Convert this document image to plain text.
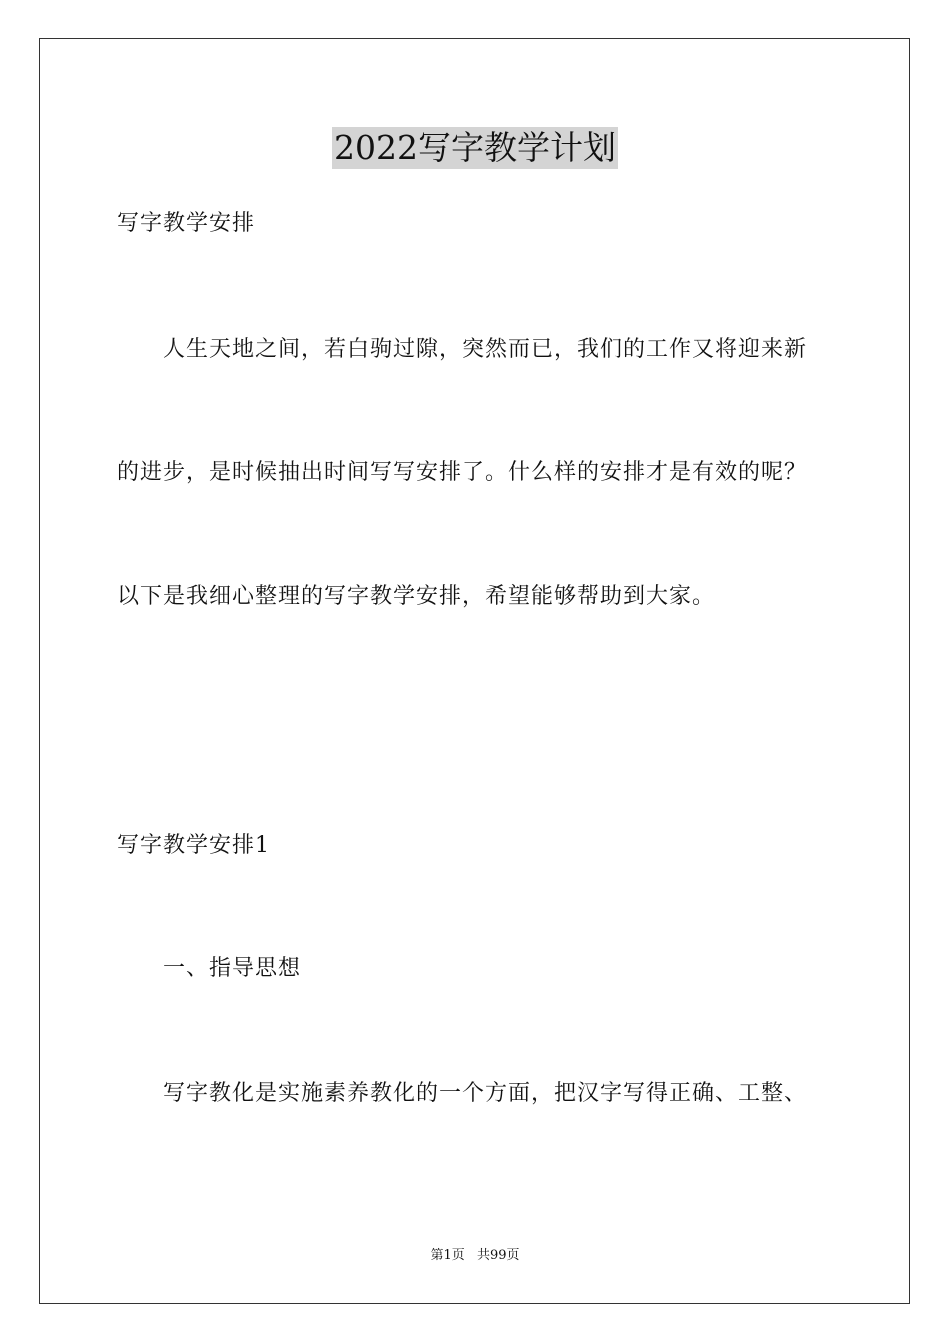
2022写字教学计划
写字教学安排
人生天地之间，若白驹过隙，突然而已，我们的工作又将迎来新
的进步，是时候抽出时间写写安排了。什么样的安排才是有效的呢？
以下是我细心整理的写字教学安排，希望能够帮助到大家。
写字教学安排1
一、指导思想
写字教化是实施素养教化的一个方面，把汉字写得正确、工整、
第1页 共99页
